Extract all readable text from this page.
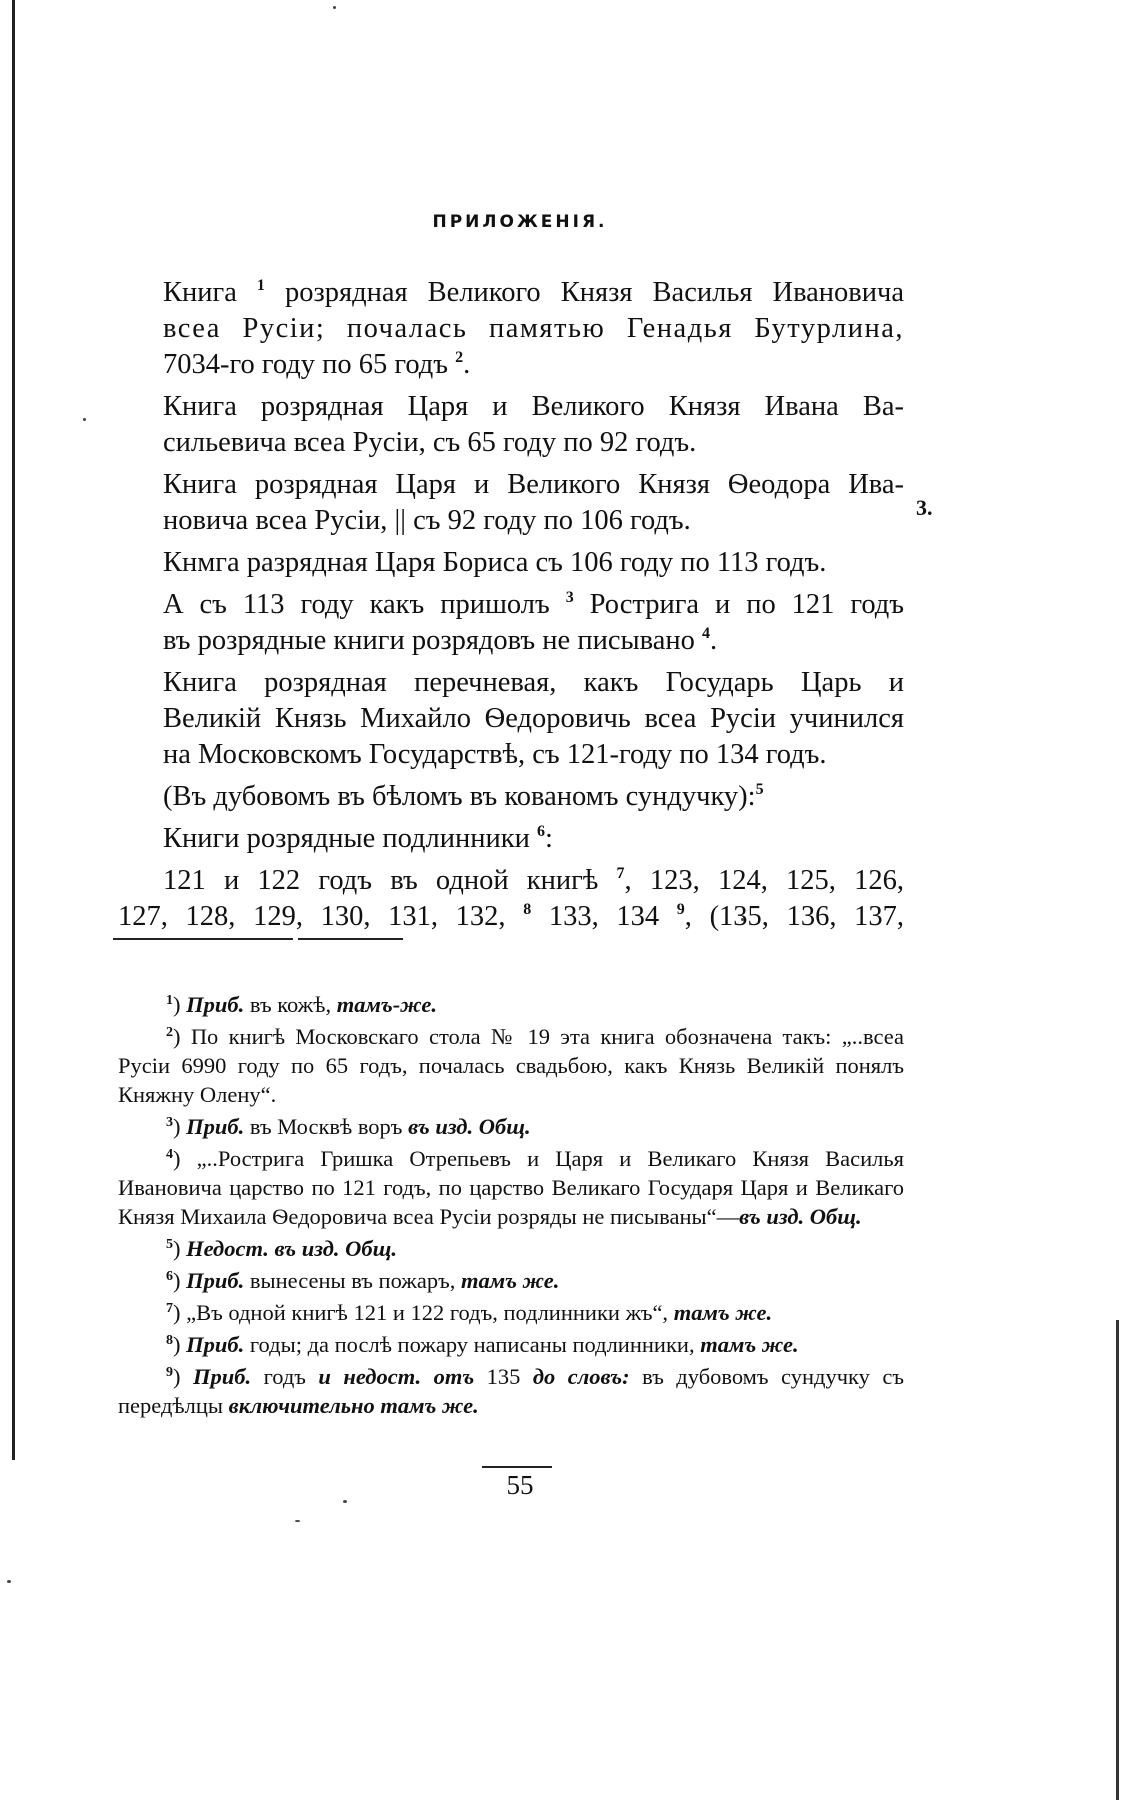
ПРИЛОЖЕНІЯ.

Книга $^1$ розрядная Великого Князя Василья Ивановича
всеа Русіи; почалась памятью Генадья Бутурлина,
7034-го году по 65 годъ $^2$.

Книга розрядная Царя и Великого Князя Ивана Ва-
сильевича всеа Русіи, съ 65 году по 92 годъ.

Книга розрядная Царя и Великого Князя Ѳеодора Ива-
новича всеа Русіи, || съ 92 году по 106 годъ.

Кнмга разрядная Царя Бориса съ 106 году по 113 годъ.

А съ 113 году какъ пришолъ $^3$ Рострига и по 121 годъ
въ розрядные книги розрядовъ не писывано $^4$.

Книга розрядная перечневая, какъ Государь Царь и
Великій Князь Михайло Ѳедоровичь всеа Русіи учинился
на Московскомъ Государствѣ, съ 121-году по 134 годъ.

(Въ дубовомъ въ бѣломъ въ кованомъ сундучку):$^5$

Книги розрядные подлинники $^6$:

121 и 122 годъ въ одной книгѣ $^7$, 123, 124, 125, 126,
127, 128, 129, 130, 131, 132, $^8$ 133, 134 $^9$, (135, 136, 137,

3.

$^1$) Приб. въ кожѣ, тамъ-же.

$^2$) По книгѣ Московскаго стола № 19 эта книга обозначена такъ: „..всеа Русіи 6990 году по 65 годъ, почалась свадьбою, какъ Князь Великій понялъ Княжну Олену“.

$^3$) Приб. въ Москвѣ воръ въ изд. Общ.

$^4$) „..Рострига Гришка Отрепьевъ и Царя и Великаго Князя Василья Ивановича царство по 121 годъ, по царство Великаго Государя Царя и Великаго Князя Михаила Ѳедоровича всеа Русіи розряды не писываны“—въ изд. Общ.

$^5$) Недост. въ изд. Общ.

$^6$) Приб. вынесены въ пожаръ, тамъ же.

$^7$) „Въ одной книгѣ 121 и 122 годъ, подлинники жъ“, тамъ же.

$^8$) Приб. годы; да послѣ пожару написаны подлинники, тамъ же.

$^9$) Приб. годъ и недост. отъ 135 до словъ: въ дубовомъ сундучку съ передѣлцы включительно тамъ же.

55
